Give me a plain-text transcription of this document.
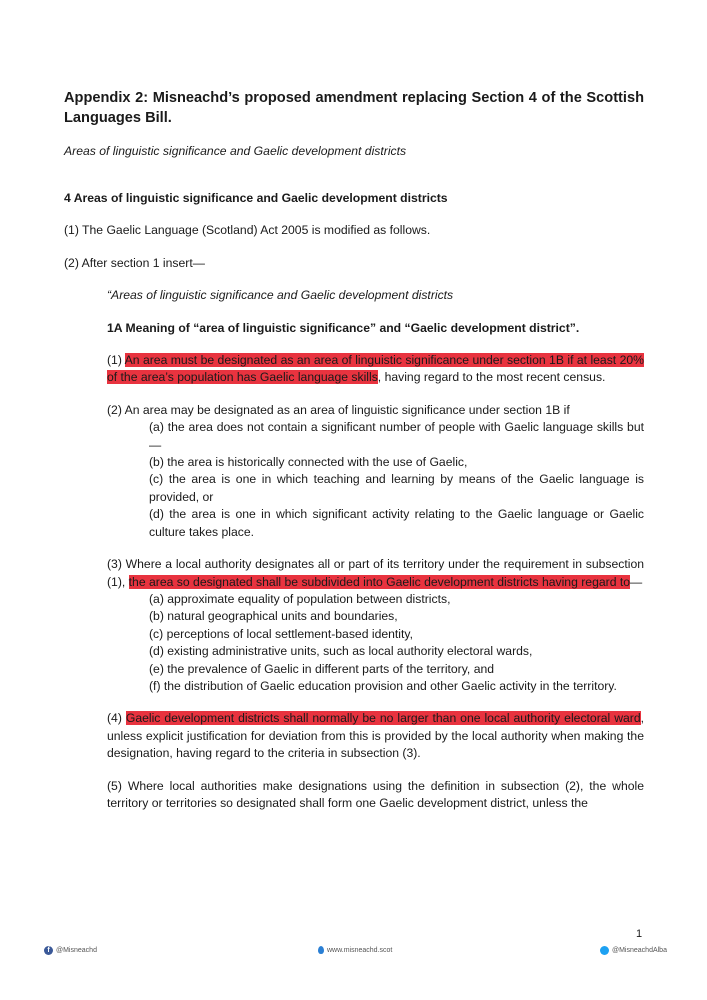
Appendix 2: Misneachd’s proposed amendment replacing Section 4 of the Scottish Languages Bill.
Areas of linguistic significance and Gaelic development districts

4 Areas of linguistic significance and Gaelic development districts

(1) The Gaelic Language (Scotland) Act 2005 is modified as follows.

(2) After section 1 insert—

“Areas of linguistic significance and Gaelic development districts

1A Meaning of “area of linguistic significance” and “Gaelic development district”.

(1) An area must be designated as an area of linguistic significance under section 1B if at least 20% of the area’s population has Gaelic language skills, having regard to the most recent census.

(2) An area may be designated as an area of linguistic significance under section 1B if

(a) the area does not contain a significant number of people with Gaelic language skills but—

(b) the area is historically connected with the use of Gaelic,

(c) the area is one in which teaching and learning by means of the Gaelic language is provided, or

(d) the area is one in which significant activity relating to the Gaelic language or Gaelic culture takes place.

(3) Where a local authority designates all or part of its territory under the requirement in subsection (1), the area so designated shall be subdivided into Gaelic development districts having regard to—

(a) approximate equality of population between districts,

(b) natural geographical units and boundaries,

(c) perceptions of local settlement-based identity,

(d) existing administrative units, such as local authority electoral wards,

(e) the prevalence of Gaelic in different parts of the territory, and

(f) the distribution of Gaelic education provision and other Gaelic activity in the territory.

(4) Gaelic development districts shall normally be no larger than one local authority electoral ward, unless explicit justification for deviation from this is provided by the local authority when making the designation, having regard to the criteria in subsection (3).

(5) Where local authorities make designations using the definition in subsection (2), the whole territory or territories so designated shall form one Gaelic development district, unless the

1
f @Misneachd	www.misneachd.scot	@MisneachdAlba
